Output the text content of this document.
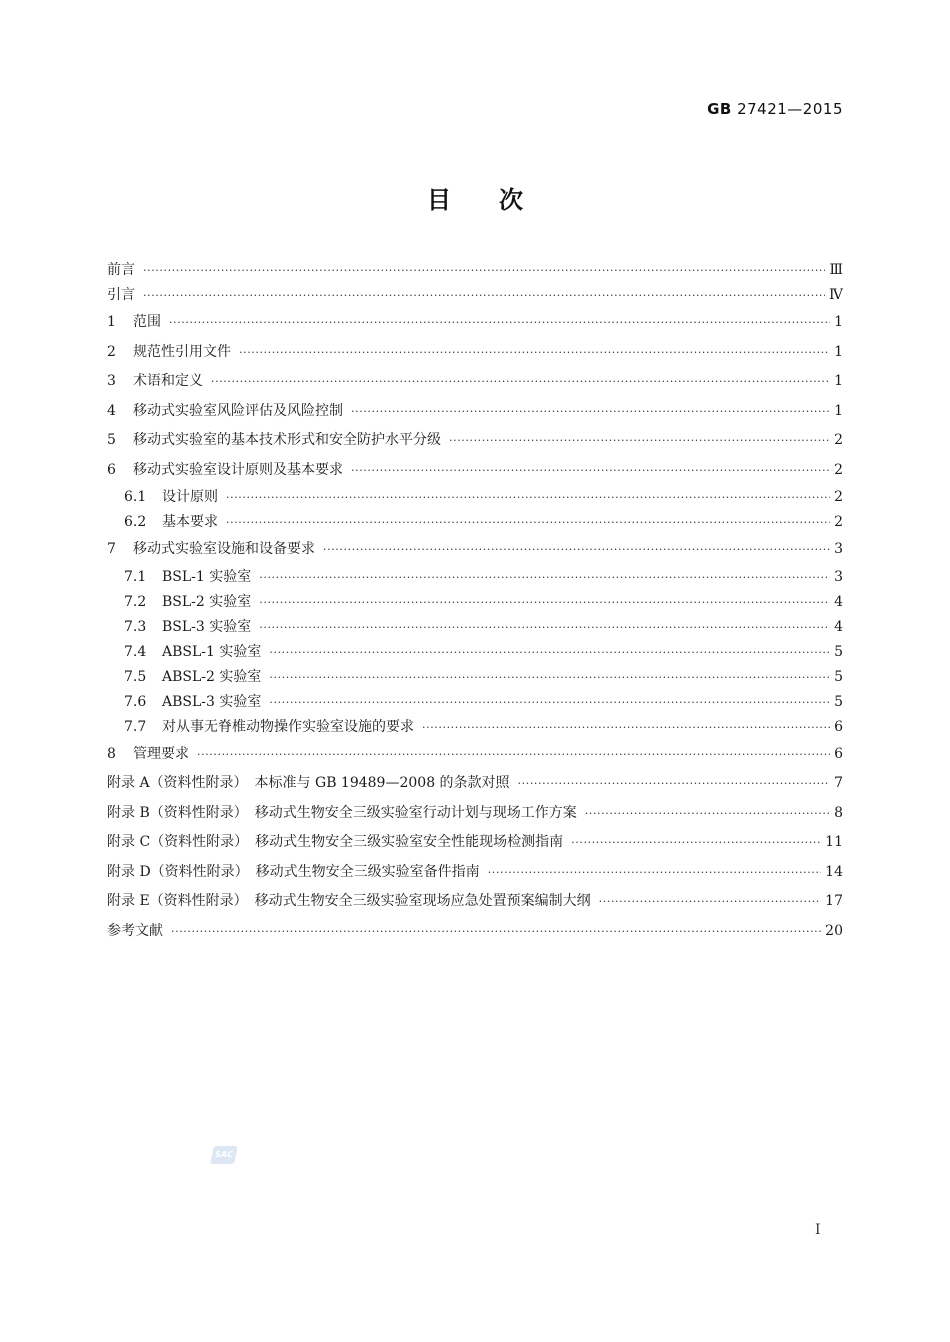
GB 27421—2015
目次
前言 ·····	Ⅲ
引言 ·····	Ⅳ
1	范围 ·····	1
2	规范性引用文件 ·····	1
3	术语和定义 ·····	1
4	移动式实验室风险评估及风险控制 ·····	1
5	移动式实验室的基本技术形式和安全防护水平分级 ·····	2
6	移动式实验室设计原则及基本要求 ·····	2
6.1	设计原则 ·····	2
6.2	基本要求 ·····	2
7	移动式实验室设施和设备要求 ·····	3
7.1	BSL-1 实验室 ·····	3
7.2	BSL-2 实验室 ·····	4
7.3	BSL-3 实验室 ·····	4
7.4	ABSL-1 实验室 ·····	5
7.5	ABSL-2 实验室 ·····	5
7.6	ABSL-3 实验室 ·····	5
7.7	对从事无脊椎动物操作实验室设施的要求 ·····	6
8	管理要求 ·····	6
附录 A（资料性附录）　本标准与 GB 19489—2008 的条款对照 ·····	7
附录 B（资料性附录）　移动式生物安全三级实验室行动计划与现场工作方案 ·····	8
附录 C（资料性附录）　移动式生物安全三级实验室安全性能现场检测指南 ·····	11
附录 D（资料性附录）　移动式生物安全三级实验室备件指南 ·····	14
附录 E（资料性附录）　移动式生物安全三级实验室现场应急处置预案编制大纲 ·····	17
参考文献 ·····	20
SAC
Ⅰ
